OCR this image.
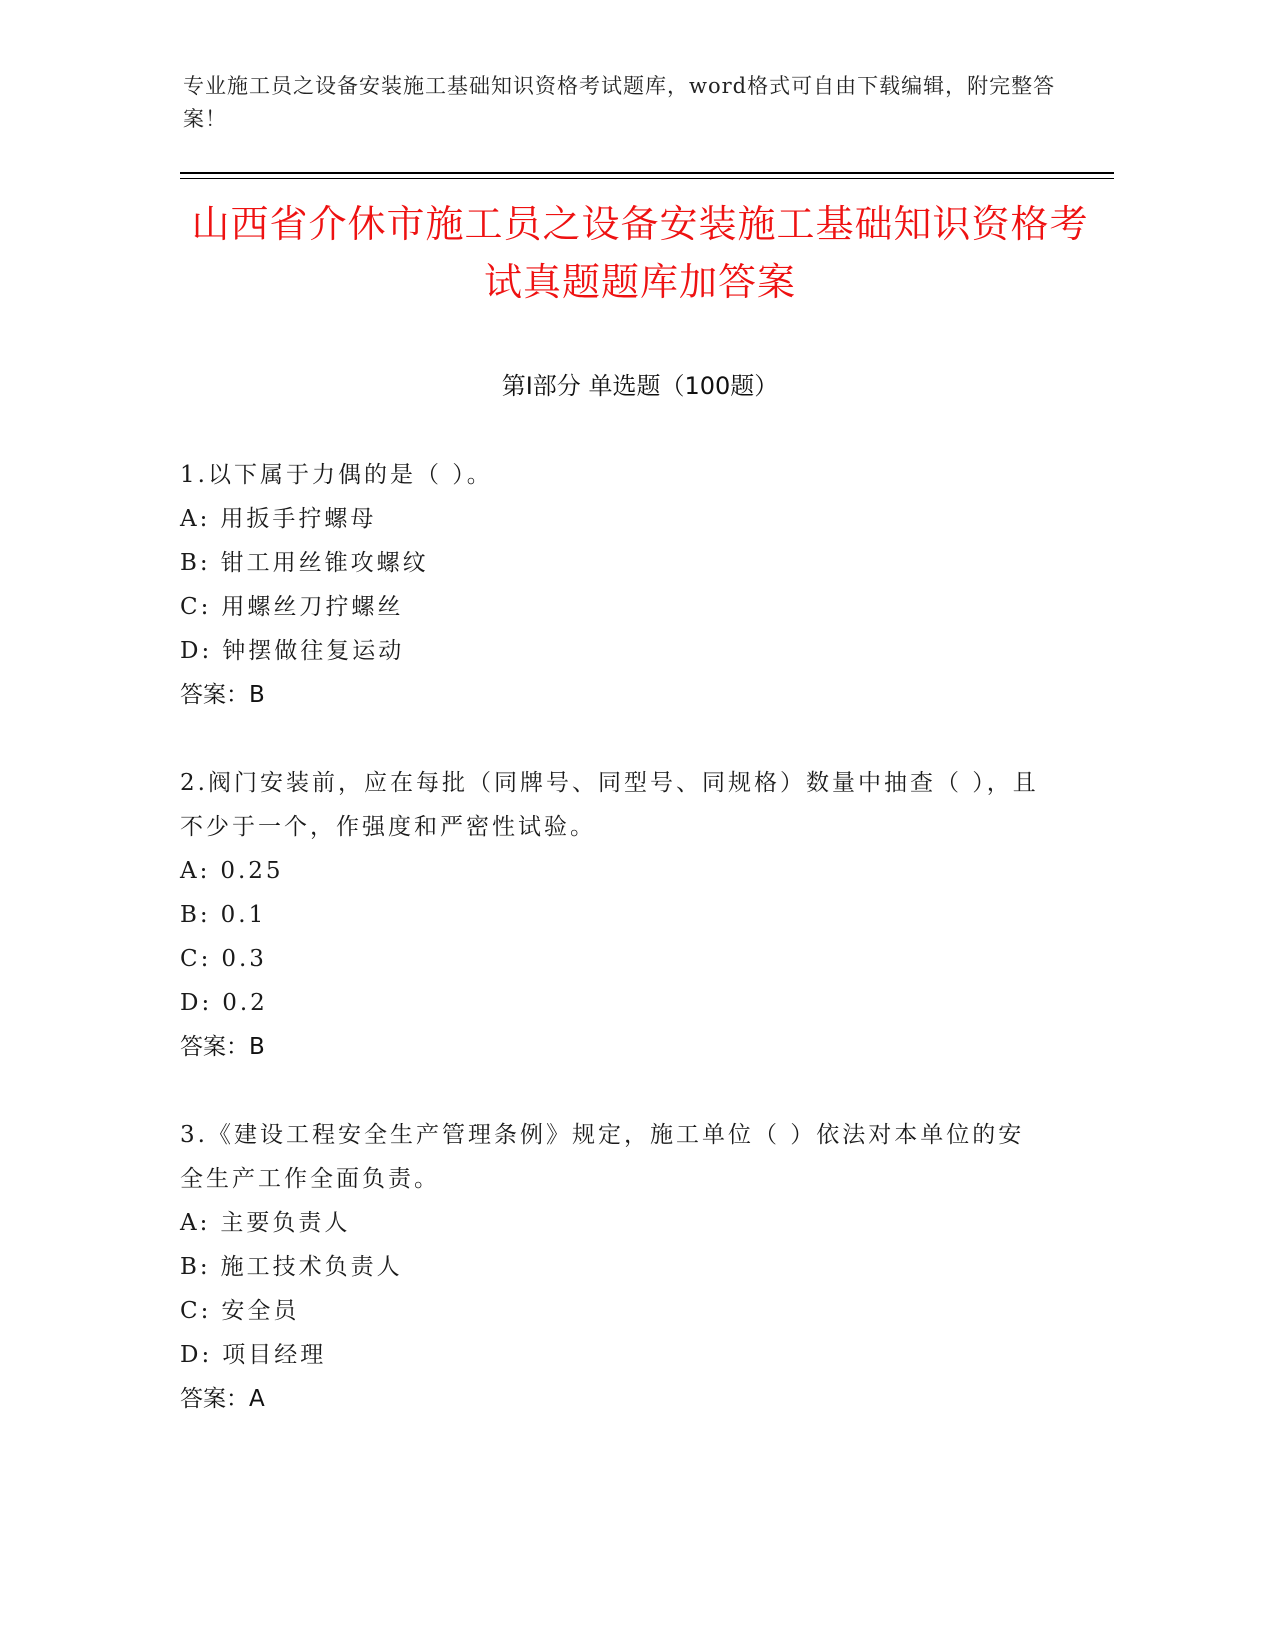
专业施工员之设备安装施工基础知识资格考试题库，word格式可自由下载编辑，附完整答案！
山西省介休市施工员之设备安装施工基础知识资格考试真题题库加答案
第I部分 单选题（100题）

1.以下属于力偶的是（ ）。

A: 用扳手拧螺母

B: 钳工用丝锥攻螺纹

C: 用螺丝刀拧螺丝

D: 钟摆做往复运动

答案：B

2.阀门安装前，应在每批（同牌号、同型号、同规格）数量中抽查（ ），且不少于一个，作强度和严密性试验。

A: 0.25

B: 0.1

C: 0.3

D: 0.2

答案：B

3.《建设工程安全生产管理条例》规定，施工单位（ ）依法对本单位的安全生产工作全面负责。

A: 主要负责人

B: 施工技术负责人

C: 安全员

D: 项目经理

答案：A
